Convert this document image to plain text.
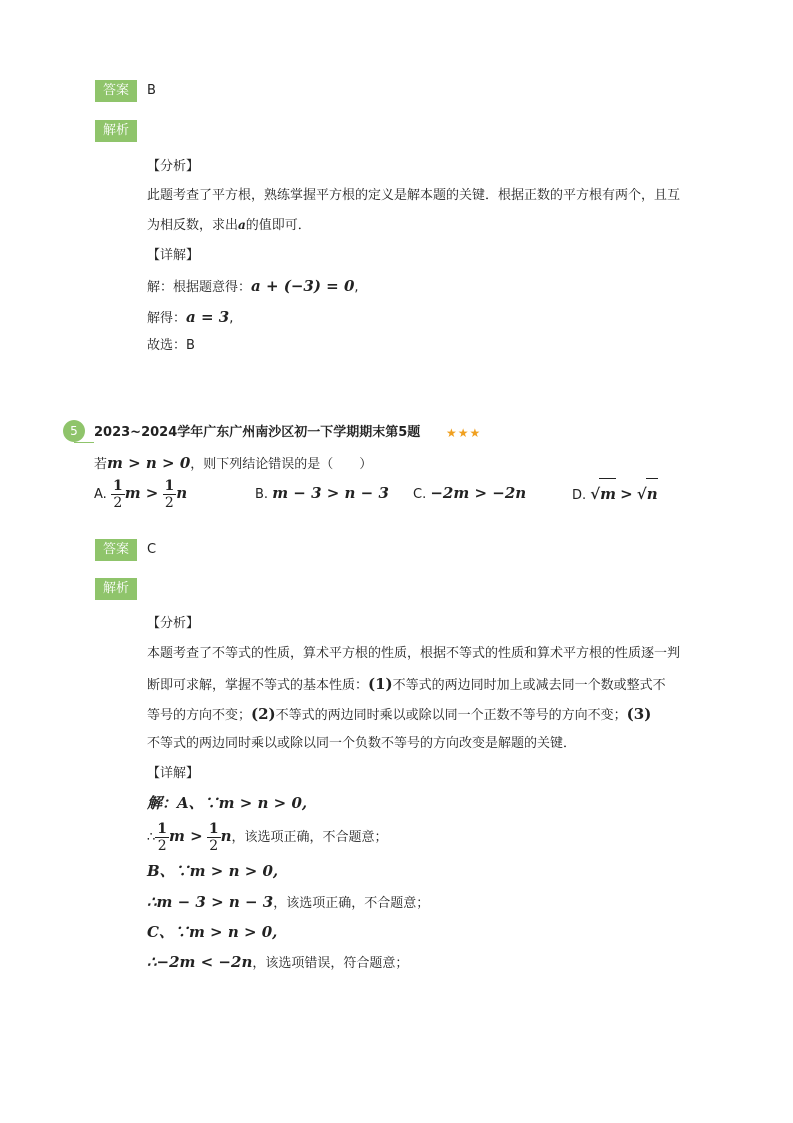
答案	B
解析
【分析】
此题考查了平方根，熟练掌握平方根的定义是解本题的关键．根据正数的平方根有两个，且互
为相反数，求出a的值即可．
【详解】
解：根据题意得：a + (−3) = 0,
解得：a = 3,
故选：B
5	2023~2024学年广东广州南沙区初一下学期期末第5题 ★★★
若m > n > 0，则下列结论错误的是（　　）
A. $\frac{1}{2}$ $m > \frac{1}{2}$ n	B. m − 3 > n − 3 C. −2m > −2n	D. √m > √n
答案	C
解析
【分析】
本题考查了不等式的性质，算术平方根的性质，根据不等式的性质和算术平方根的性质逐一判
断即可求解，掌握不等式的基本性质：(1)不等式的两边同时加上或减去同一个数或整式不
等号的方向不变；(2)不等式的两边同时乘以或除以同一个正数不等号的方向不变；(3)
不等式的两边同时乘以或除以同一个负数不等号的方向改变是解题的关键．
【详解】
解：A、∵m > n > 0,
∴ $\frac{1}{2}$ $m > \frac{1}{2}$ n，该选项正确，不合题意；
B、∵m > n > 0,
∴m − 3 > n − 3，该选项正确，不合题意；
C、∵m > n > 0,
∴−2m < −2n，该选项错误，符合题意；
